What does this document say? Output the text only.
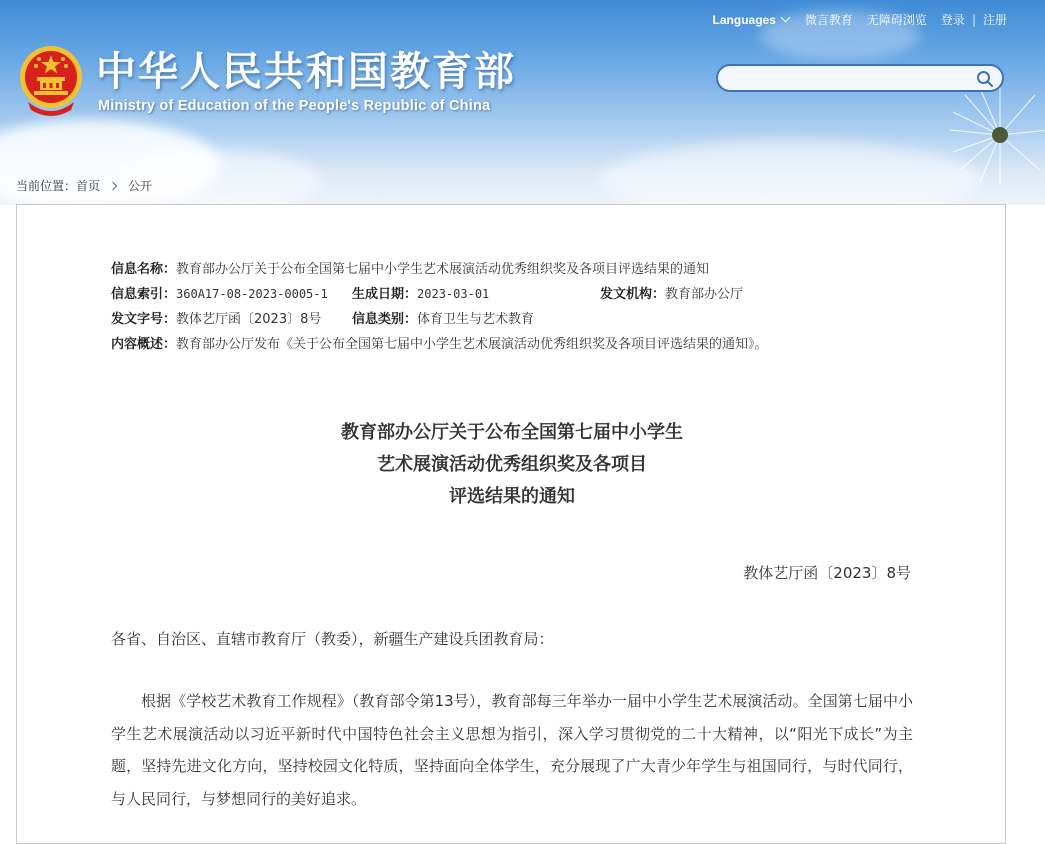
Languages 微言教育 无障碍浏览 登录 | 注册
中华人民共和国教育部
Ministry of Education of the People's Republic of China
当前位置： 首页 公开
信息名称：教育部办公厅关于公布全国第七届中小学生艺术展演活动优秀组织奖及各项目评选结果的通知
信息索引：360A17-08-2023-0005-1 生成日期：2023-03-01	发文机构：教育部办公厅
发文字号：教体艺厅函〔2023〕8号 信息类别：体育卫生与艺术教育
内容概述：教育部办公厅发布《关于公布全国第七届中小学生艺术展演活动优秀组织奖及各项目评选结果的通知》。
教育部办公厅关于公布全国第七届中小学生
艺术展演活动优秀组织奖及各项目
评选结果的通知
教体艺厅函〔2023〕8号
各省、自治区、直辖市教育厅（教委），新疆生产建设兵团教育局：
根据《学校艺术教育工作规程》（教育部令第13号），教育部每三年举办一届中小学生艺术展演活动。全国第七届中小学生艺术展演活动以习近平新时代中国特色社会主义思想为指引，深入学习贯彻党的二十大精神，以“阳光下成长”为主题，坚持先进文化方向，坚持校园文化特质，坚持面向全体学生，充分展现了广大青少年学生与祖国同行，与时代同行，与人民同行，与梦想同行的美好追求。
